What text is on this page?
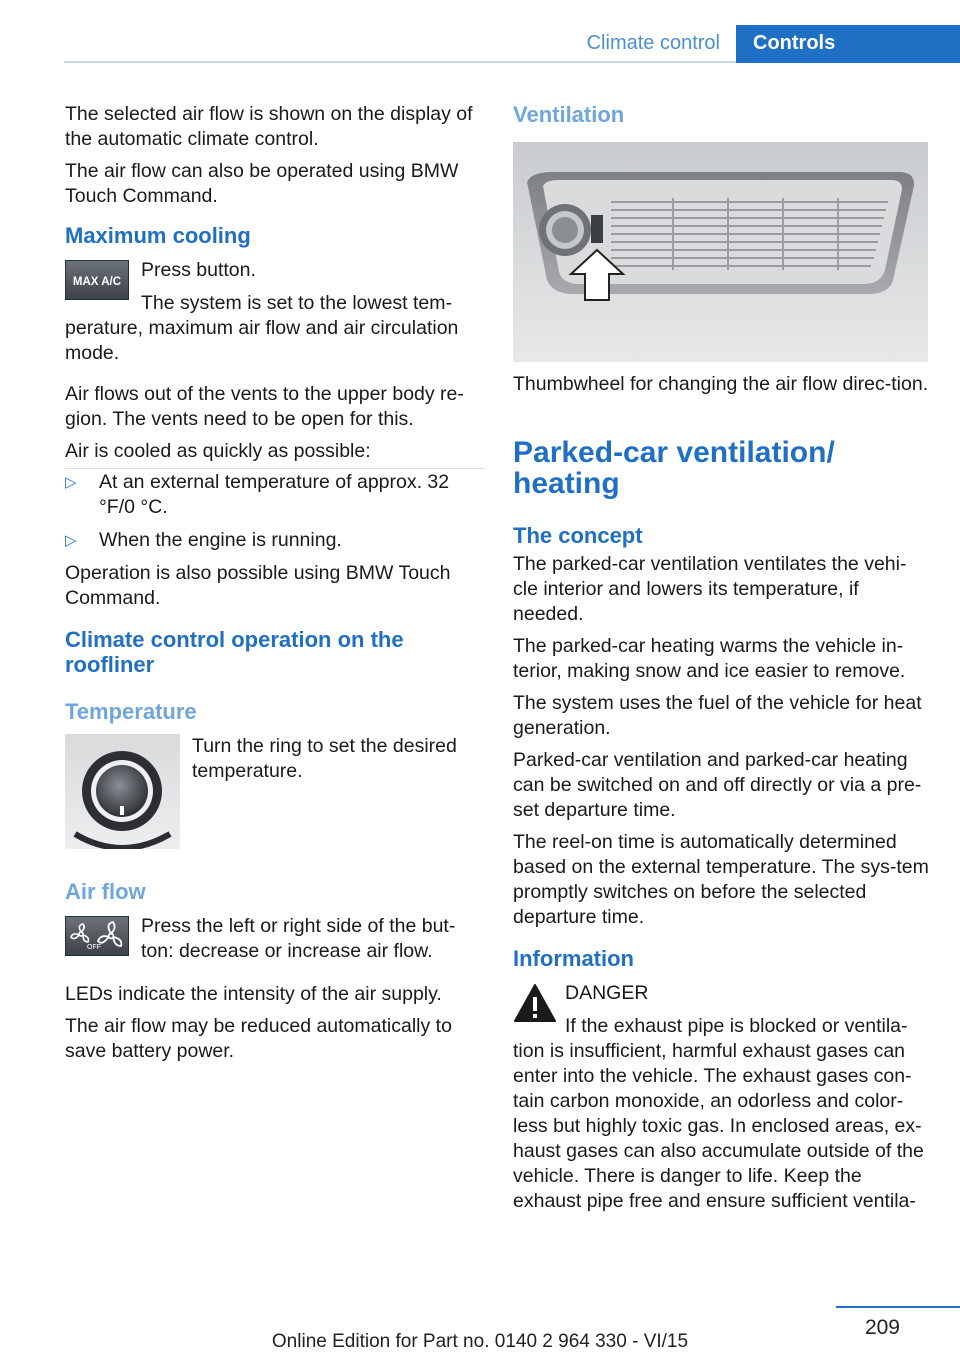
Climate control	Controls

The selected air flow is shown on the display of the automatic climate control.

The air flow can also be operated using BMW Touch Command.

Maximum cooling
MAX A/C

Press button.

The system is set to the lowest tem‐perature, maximum air flow and air circulation mode.

Air flows out of the vents to the upper body re‐gion. The vents need to be open for this.

Air is cooled as quickly as possible:

▷ At an external temperature of approx. 32 °F/0 °C.
▷ When the engine is running.

Operation is also possible using BMW Touch Command.

Climate control operation on the roofliner
Temperature

Turn the ring to set the desired temperature.

Air flow
OFF

Press the left or right side of the but‐ton: decrease or increase air flow.

LEDs indicate the intensity of the air supply.

The air flow may be reduced automatically to save battery power.

Ventilation

Thumbwheel for changing the air flow direc‐tion.

Parked-car ventilation/ heating
The concept

The parked-car ventilation ventilates the vehi‐cle interior and lowers its temperature, if needed.

The parked-car heating warms the vehicle in‐terior, making snow and ice easier to remove.

The system uses the fuel of the vehicle for heat generation.

Parked-car ventilation and parked-car heating can be switched on and off directly or via a pre‐set departure time.

The reel-on time is automatically determined based on the external temperature. The sys‐tem promptly switches on before the selected departure time.

Information

DANGER

If the exhaust pipe is blocked or ventila‐tion is insufficient, harmful exhaust gases can enter into the vehicle. The exhaust gases con‐tain carbon monoxide, an odorless and color‐less but highly toxic gas. In enclosed areas, ex‐haust gases can also accumulate outside of the vehicle. There is danger to life. Keep the exhaust pipe free and ensure sufficient ventila‐

209
Online Edition for Part no. 0140 2 964 330 - VI/15
